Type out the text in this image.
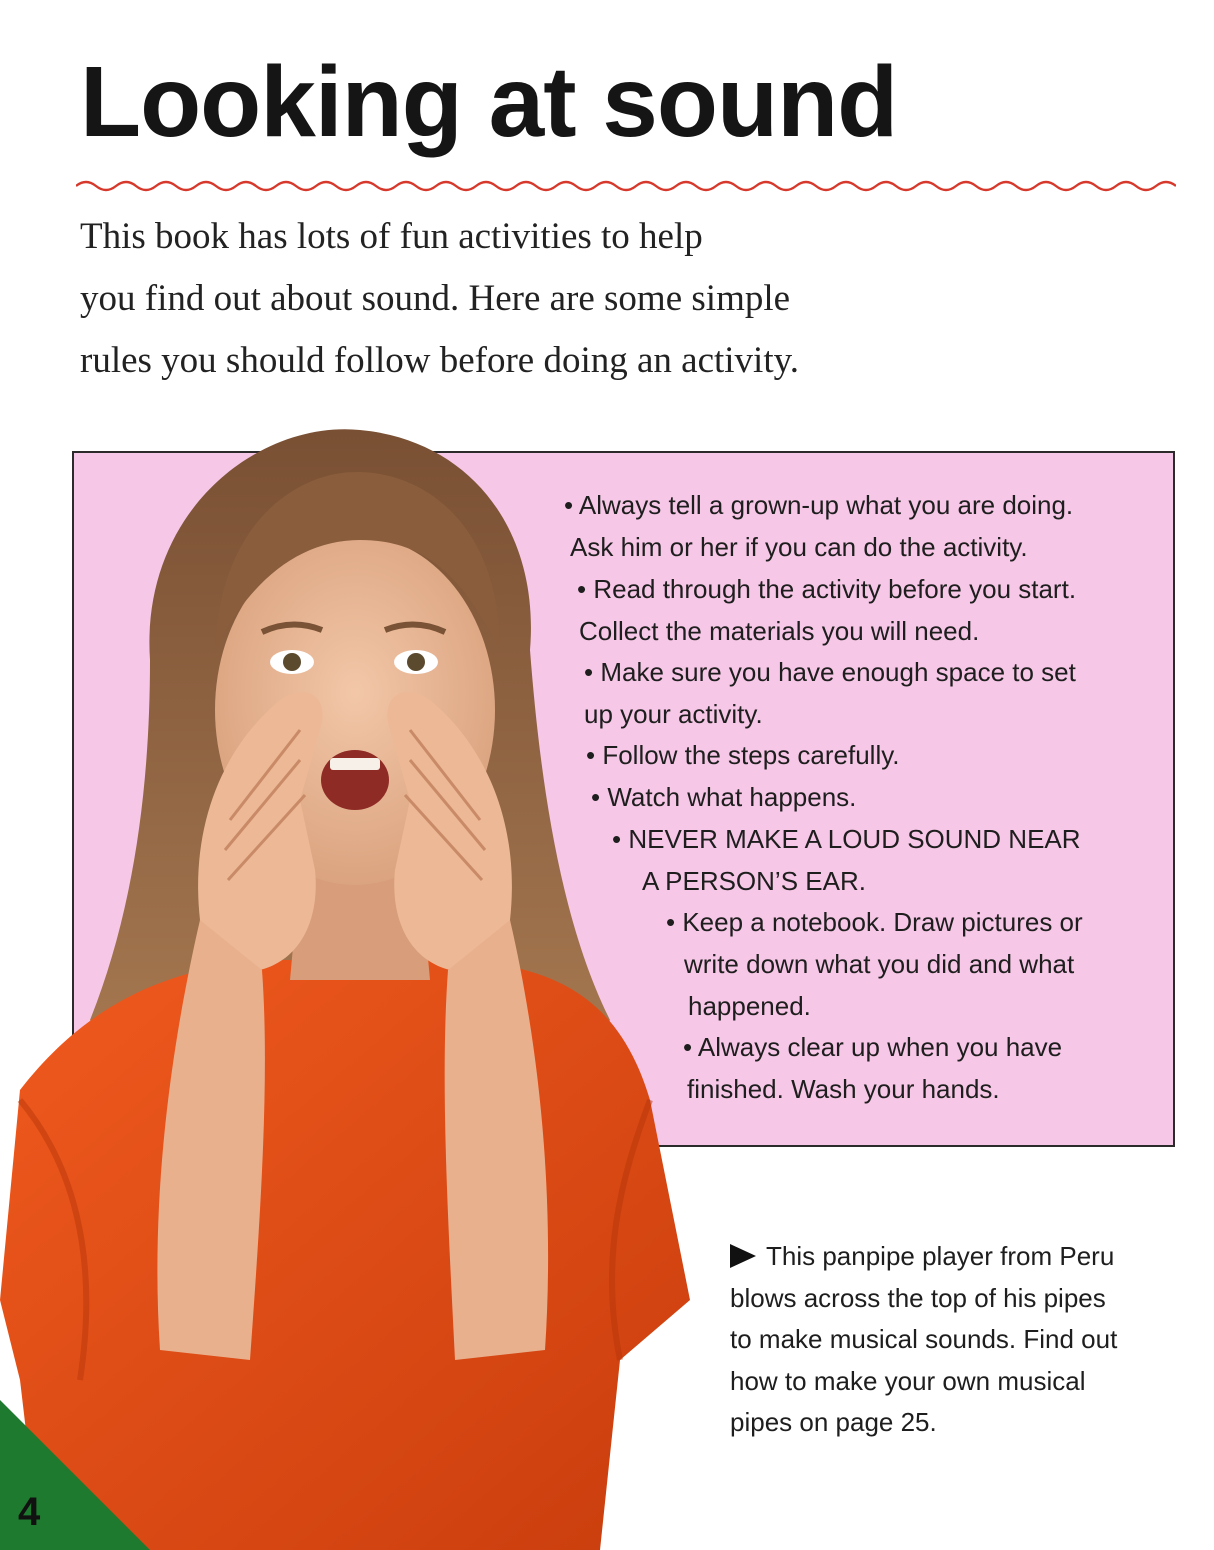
Looking at sound
This book has lots of fun activities to help
you find out about sound. Here are some simple
rules you should follow before doing an activity.
• Always tell a grown-up what you are doing.
Ask him or her if you can do the activity.
• Read through the activity before you start.
Collect the materials you will need.
• Make sure you have enough space to set
up your activity.
• Follow the steps carefully.
• Watch what happens.
• NEVER MAKE A LOUD SOUND NEAR
A PERSON’S EAR.
• Keep a notebook. Draw pictures or
write down what you did and what
happened.
• Always clear up when you have
finished. Wash your hands.
This panpipe player from Peru
blows across the top of his pipes
to make musical sounds. Find out
how to make your own musical
pipes on page 25.
4
